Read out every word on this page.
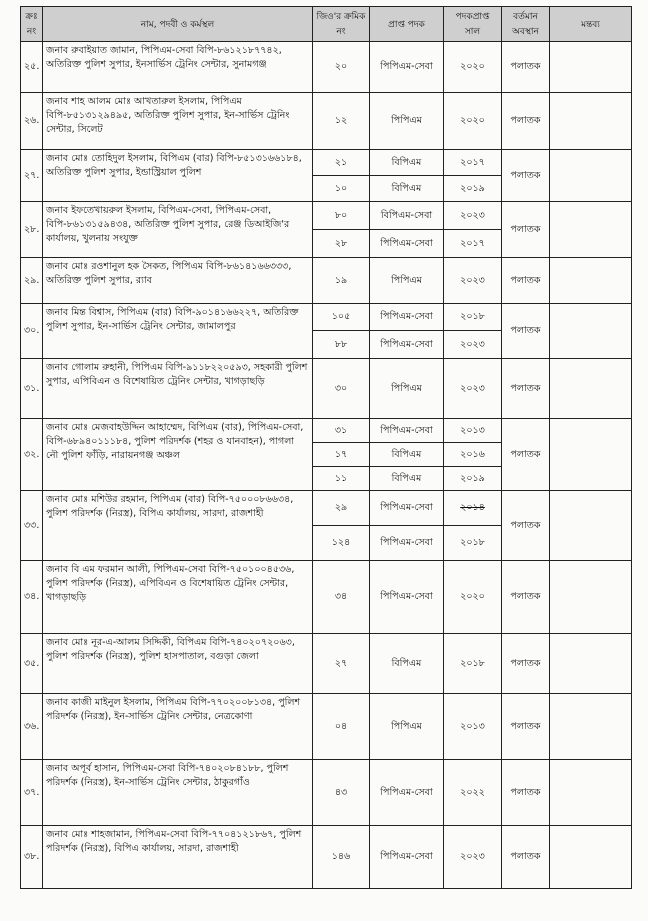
ক্রঃ নং	নাম, পদবী ও কর্মস্থল	জিও'র ক্রমিক নং	প্রাপ্ত পদক	পদকপ্রাপ্ত সাল	বর্তমান অবস্থান	মন্তব্য
২৫.	জনাব রুবাইয়াত জামান, পিপিএম-সেবা বিপি-৮৬১২১৮৭৭৪২, অতিরিক্ত পুলিশ সুপার, ইনসার্ভিস ট্রেনিং সেন্টার, সুনামগঞ্জ	২০	পিপিএম-সেবা	২০২০	পলাতক	
২৬.	জনাব শাহ আলম মোঃ আখতারুল ইসলাম, পিপিএম বিপি-৮৫১৩১২৯৪৯৫, অতিরিক্ত পুলিশ সুপার, ইন-সার্ভিস ট্রেনিং সেন্টার, সিলেট	১২	পিপিএম	২০২০	পলাতক	
২৭.	জনাব মোঃ তোহিদুল ইসলাম, বিপিএম (বার) বিপি-৮৫১৩১৬৬১৮৪, অতিরিক্ত পুলিশ সুপার, ইন্ডাস্ট্রিয়াল পুলিশ	২১	বিপিএম	২০১৭	পলাতক	
		১০	বিপিএম	২০১৯		
২৮.	জনাব ইফতেখায়রুল ইসলাম, বিপিএম-সেবা, পিপিএম-সেবা, বিপি-৮৬১৩১৫৯৪৩৪, অতিরিক্ত পুলিশ সুপার, রেঞ্জ ডিআইজি'র কার্যালয়, খুলনায় সংযুক্ত	৮০	বিপিএম-সেবা	২০২৩	পলাতক	
		২৮	পিপিএম-সেবা	২০১৭		
২৯.	জনাব মোঃ রওশানুল হক সৈকত, পিপিএম বিপি-৮৬১৪১৬৬৩৩৩, অতিরিক্ত পুলিশ সুপার, র‌্যাব	১৯	পিপিএম	২০২৩	পলাতক	
৩০.	জনাব মিন্ত বিশ্বাস, পিপিএম (বার) বিপি-৯০১৪১৬৬২২৭, অতিরিক্ত পুলিশ সুপার, ইন-সার্ভিস ট্রেনিং সেন্টার, জামালপুর	১০৫	পিপিএম-সেবা	২০১৮	পলাতক	
		৮৮	পিপিএম-সেবা	২০২৩		
৩১.	জনাব গোলাম রুহানী, পিপিএম বিপি-৯১১৮২২০৫৯৩, সহকারী পুলিশ সুপার, এপিবিএন ও বিশেষায়িত ট্রেনিং সেন্টার, খাগড়াছড়ি	৩০	পিপিএম	২০২৩	পলাতক	
৩২.	জনাব মোঃ মেজবাহউদ্দিন আহাম্মেদ, বিপিএম (বার), পিপিএম-সেবা, বিপি-৬৮৯৪০১১১৮৪, পুলিশ পরিদর্শক (শহর ও যানবাহন), পাগলা নৌ পুলিশ ফাঁড়ি, নারায়নগঞ্জ অঞ্চল	৩১	পিপিএম-সেবা	২০১৩	পলাতক	
		১৭	বিপিএম	২০১৬		
		১১	বিপিএম	২০১৯		
৩৩.	জনাব মোঃ মশিউর রহমান, পিপিএম (বার) বিপি-৭৫০০০৮৬৬৩৪, পুলিশ পরিদর্শক (নিরস্ত্র), বিপিএ কার্যালয়, সারদা, রাজশাহী	২৯	পিপিএম-সেবা	২০১৪	পলাতক	
		১২৪	পিপিএম-সেবা	২০১৮		
৩৪.	জনাব বি এম ফরমান আলী, পিপিএম-সেবা বিপি-৭৫০১০০৪৫৩৬, পুলিশ পরিদর্শক (নিরস্ত্র), এপিবিএন ও বিশেষায়িত ট্রেনিং সেন্টার, খাগড়াছড়ি	৩৪	পিপিএম-সেবা	২০২০	পলাতক	
৩৫.	জনাব মোঃ নূর-এ-আলম সিদ্দিকী, বিপিএম বিপি-৭৪০২০৭২০৬৩, পুলিশ পরিদর্শক (নিরস্ত্র), পুলিশ হাসপাতাল, বগুড়া জেলা	২৭	বিপিএম	২০১৮	পলাতক	
৩৬.	জনাব কাজী মাইনুল ইসলাম, পিপিএম বিপি-৭৭০২০০৮১৩৪, পুলিশ পরিদর্শক (নিরস্ত্র), ইন-সার্ভিস ট্রেনিং সেন্টার, নেত্রকোণা	০৪	পিপিএম	২০১৩	পলাতক	
৩৭.	জনাব অপূর্ব হাসান, পিপিএম-সেবা বিপি-৭৪০২০৮৪১৮৮, পুলিশ পরিদর্শক (নিরস্ত্র), ইন-সার্ভিস ট্রেনিং সেন্টার, ঠাকুরগাঁও	৪৩	পিপিএম-সেবা	২০২২	পলাতক	
৩৮.	জনাব মোঃ শাহজামান, পিপিএম-সেবা বিপি-৭৭০৪১২১৮৬৭, পুলিশ পরিদর্শক (নিরস্ত্র), বিপিএ কার্যালয়, সারদা, রাজশাহী	১৪৬	পিপিএম-সেবা	২০২৩	পলাতক	
